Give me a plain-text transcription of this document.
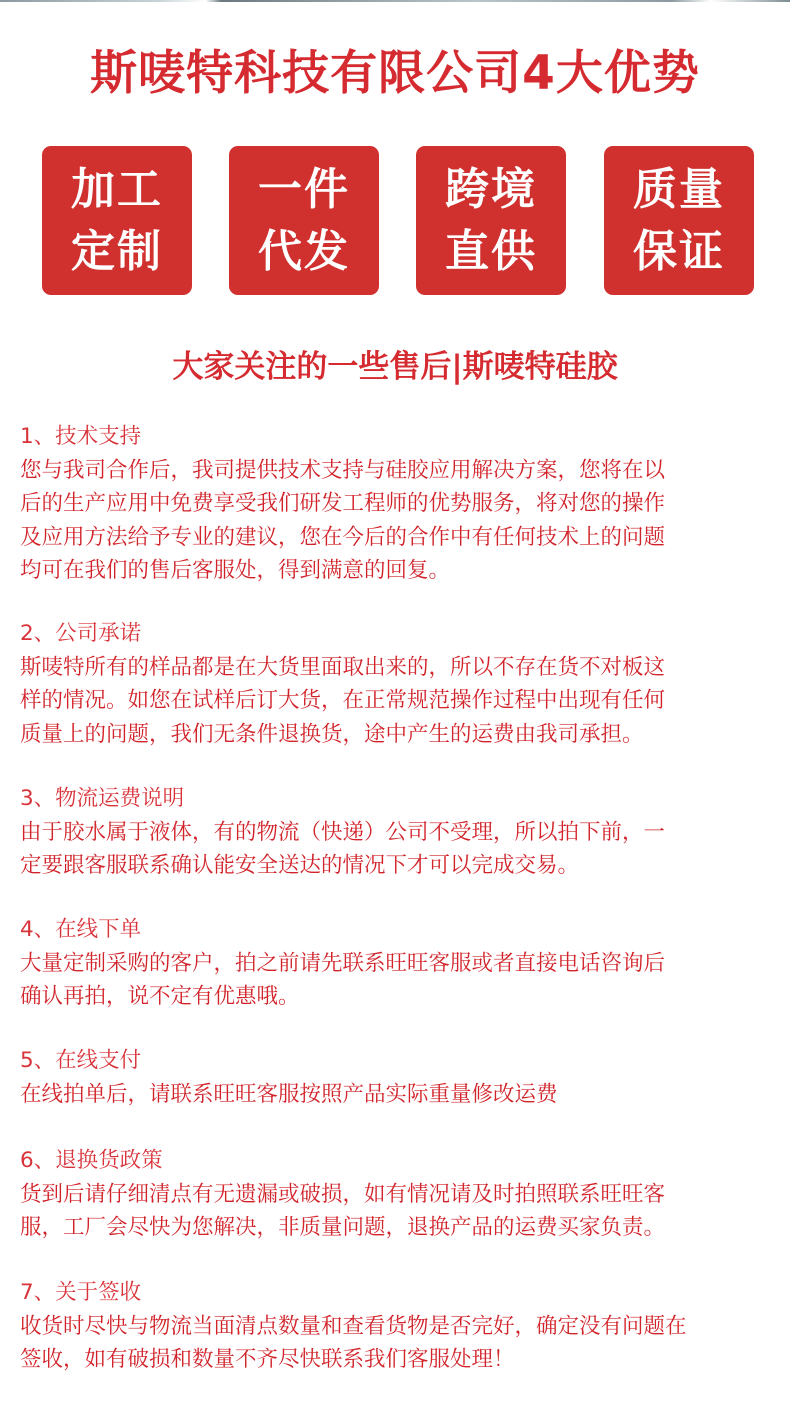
斯唛特科技有限公司4大优势
加工
定制
一件
代发
跨境
直供
质量
保证
大家关注的一些售后|斯唛特硅胶
1、技术支持
您与我司合作后，我司提供技术支持与硅胶应用解决方案，您将在以
后的生产应用中免费享受我们研发工程师的优势服务，将对您的操作
及应用方法给予专业的建议，您在今后的合作中有任何技术上的问题
均可在我们的售后客服处，得到满意的回复。
2、公司承诺
斯唛特所有的样品都是在大货里面取出来的，所以不存在货不对板这
样的情况。如您在试样后订大货，在正常规范操作过程中出现有任何
质量上的问题，我们无条件退换货，途中产生的运费由我司承担。
3、物流运费说明
由于胶水属于液体，有的物流（快递）公司不受理，所以拍下前，一
定要跟客服联系确认能安全送达的情况下才可以完成交易。
4、在线下单
大量定制采购的客户，拍之前请先联系旺旺客服或者直接电话咨询后
确认再拍，说不定有优惠哦。
5、在线支付
在线拍单后，请联系旺旺客服按照产品实际重量修改运费
6、退换货政策
货到后请仔细清点有无遗漏或破损，如有情况请及时拍照联系旺旺客
服，工厂会尽快为您解决，非质量问题，退换产品的运费买家负责。
7、关于签收
收货时尽快与物流当面清点数量和查看货物是否完好，确定没有问题在
签收，如有破损和数量不齐尽快联系我们客服处理！
